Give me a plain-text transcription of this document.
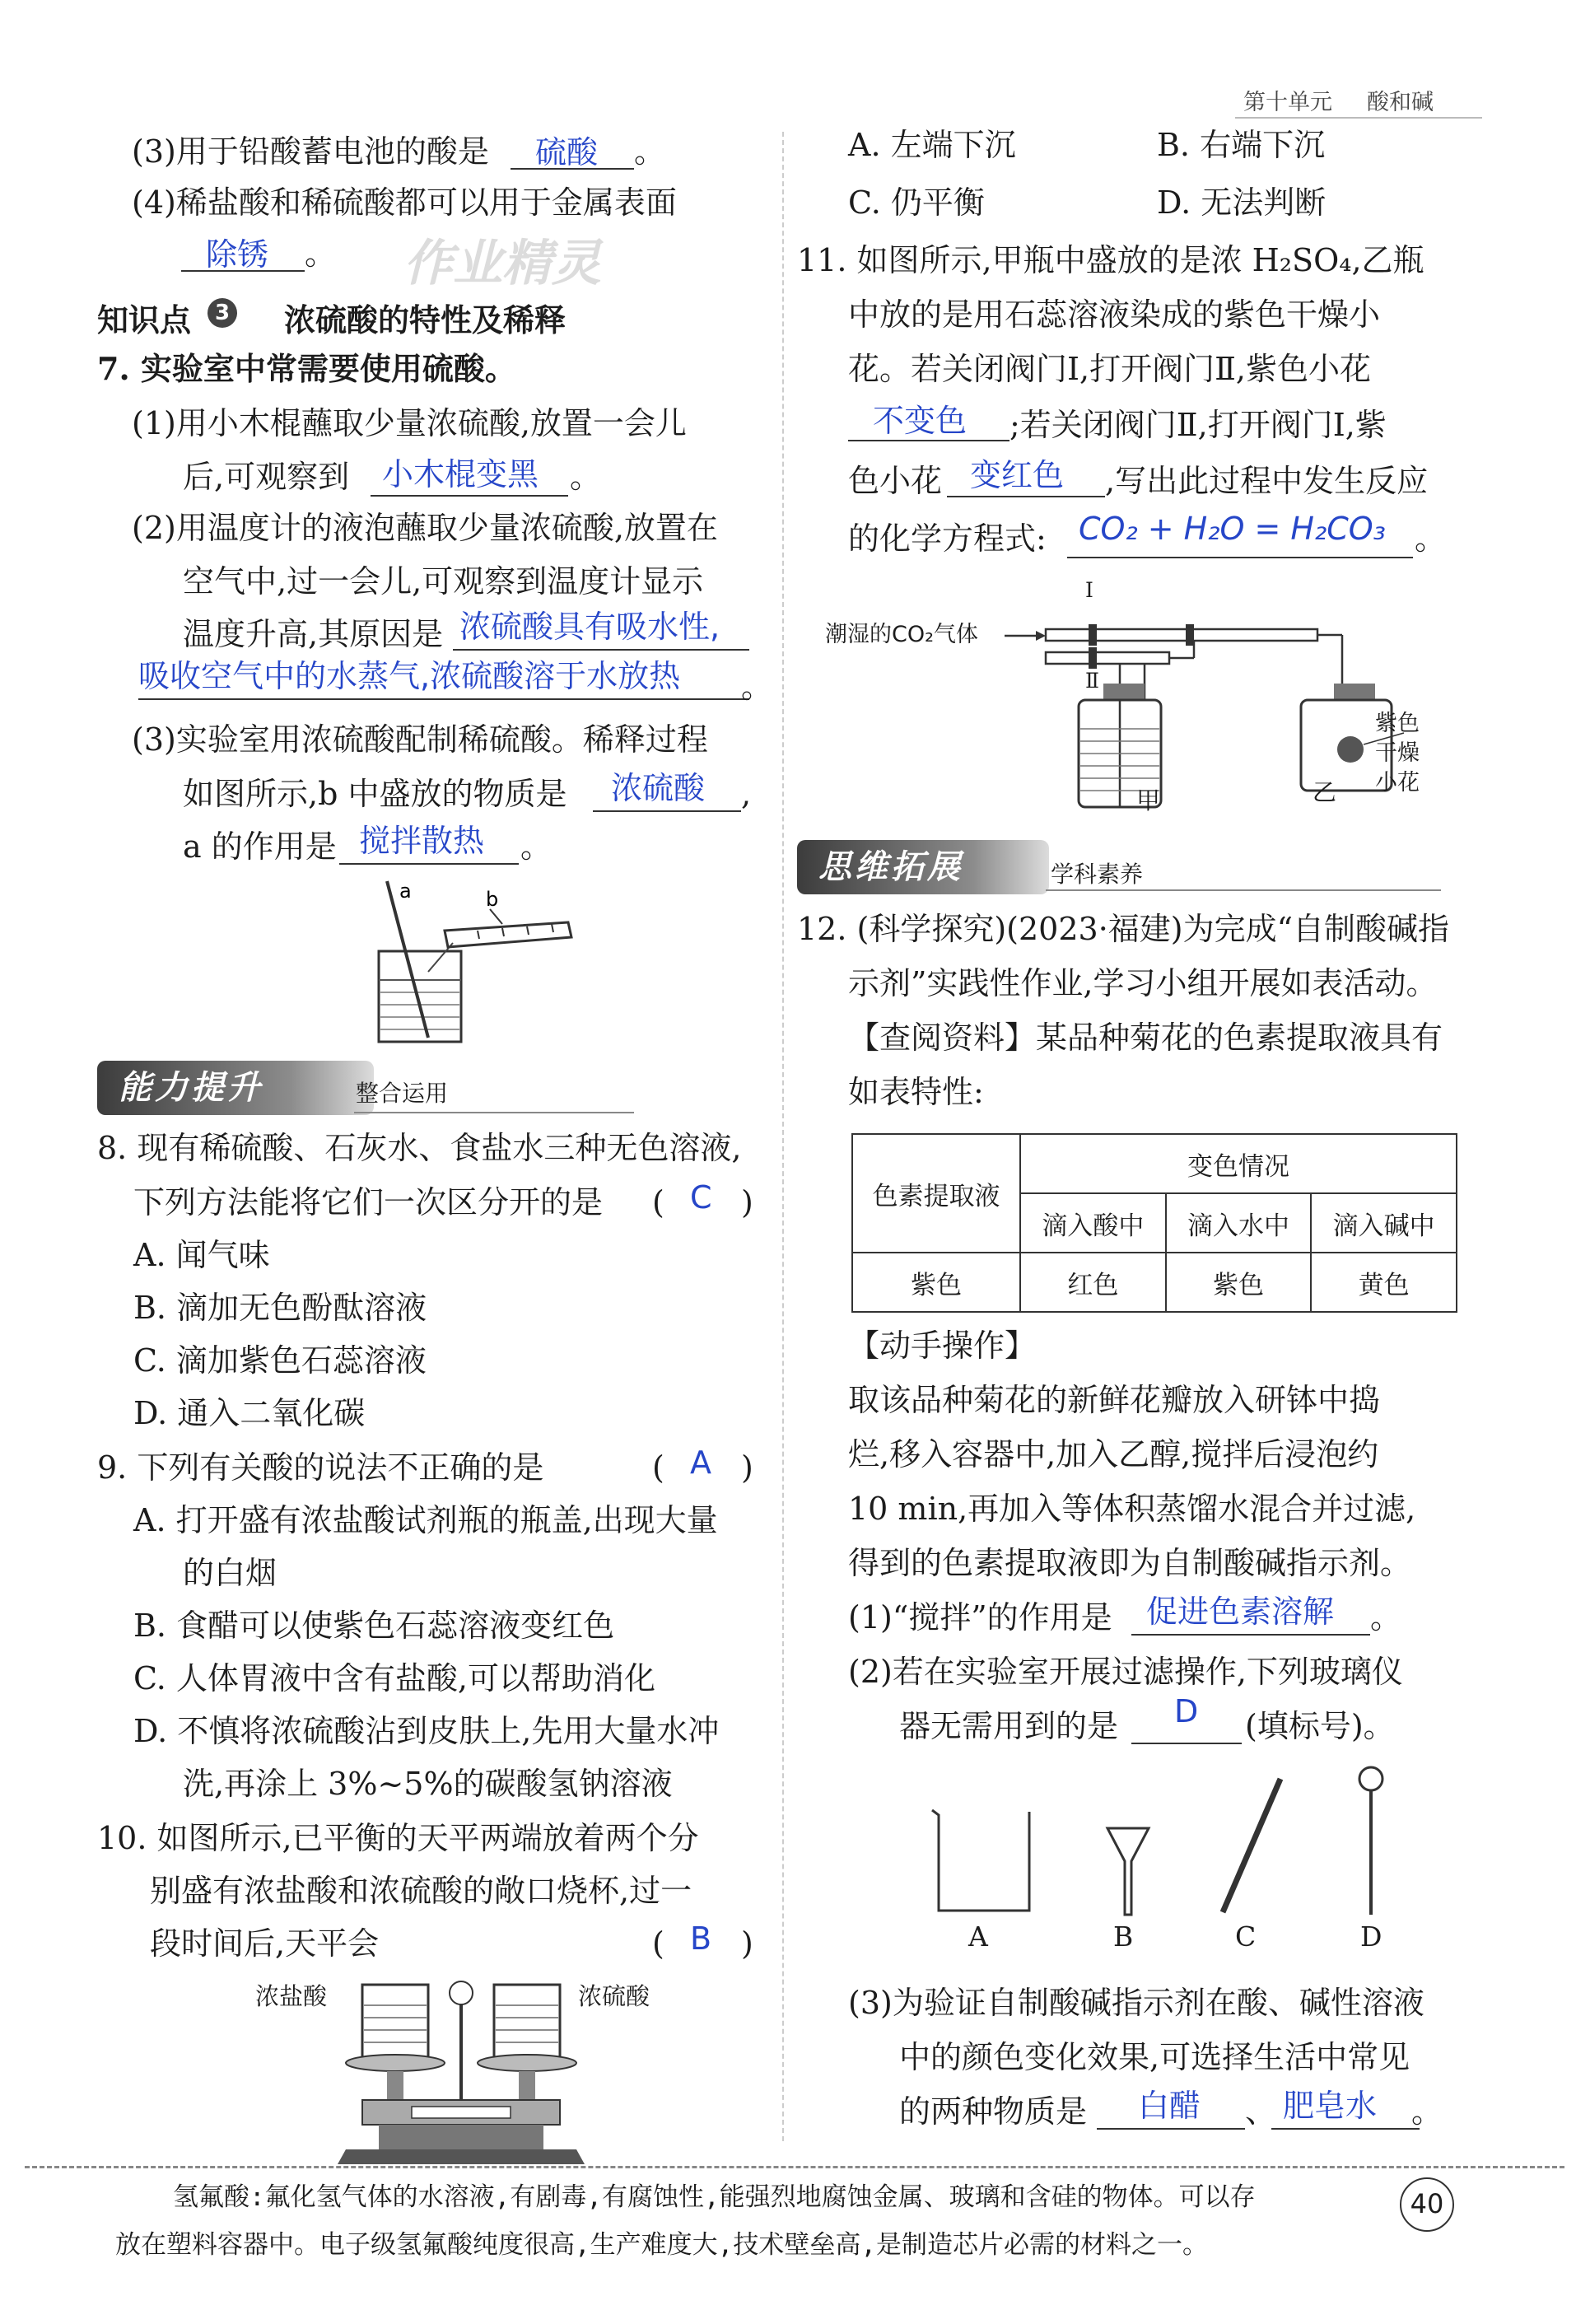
第十单元 酸和碱
(3)用于铅酸蓄电池的酸是 硫酸 。
(4)稀盐酸和稀硫酸都可以用于金属表面
除锈 。 作业精灵
知识点	3 浓硫酸的特性及稀释
7. 实验室中常需要使用硫酸。
(1)用小木棍蘸取少量浓硫酸,放置一会儿
后,可观察到 小木棍变黑 。
(2)用温度计的液泡蘸取少量浓硫酸,放置在
空气中,过一会儿,可观察到温度计显示
温度升高,其原因是 浓硫酸具有吸水性,
吸收空气中的水蒸气,浓硫酸溶于水放热 。
(3)实验室用浓硫酸配制稀硫酸。稀释过程
如图所示,b 中盛放的物质是 浓硫酸 ,
a 的作用是 搅拌散热 。
a	b
能力提升	整合运用
8. 现有稀硫酸、石灰水、食盐水三种无色溶液,
下列方法能将它们一次区分开的是 ( C )
A. 闻气味
B. 滴加无色酚酞溶液
C. 滴加紫色石蕊溶液
D. 通入二氧化碳
9. 下列有关酸的说法不正确的是	( A )
A. 打开盛有浓盐酸试剂瓶的瓶盖,出现大量
的白烟
B. 食醋可以使紫色石蕊溶液变红色
C. 人体胃液中含有盐酸,可以帮助消化
D. 不慎将浓硫酸沾到皮肤上,先用大量水冲
洗,再涂上 3%~5%的碳酸氢钠溶液
10. 如图所示,已平衡的天平两端放着两个分
别盛有浓盐酸和浓硫酸的敞口烧杯,过一
段时间后,天平会	( B )
浓盐酸	浓硫酸
A. 左端下沉	B. 右端下沉
C. 仍平衡	D. 无法判断
11. 如图所示,甲瓶中盛放的是浓 H₂SO₄,乙瓶
中放的是用石蕊溶液染成的紫色干燥小
花。若关闭阀门Ⅰ,打开阀门Ⅱ,紫色小花
不变色 ;若关闭阀门Ⅱ,打开阀门Ⅰ,紫
色小花 变红色 ,写出此过程中发生反应
的化学方程式: CO₂ + H₂O = H₂CO₃ 。
潮湿的CO₂气体
Ⅰ
Ⅱ
甲	乙
紫色
干燥
小花
思维拓展	学科素养
12. (科学探究)(2023·福建)为完成“自制酸碱指
示剂”实践性作业,学习小组开展如表活动。
【查阅资料】某品种菊花的色素提取液具有
如表特性:
色素提取液	变色情况		
	滴入酸中	滴入水中	滴入碱中
紫色	红色	紫色	黄色
【动手操作】
取该品种菊花的新鲜花瓣放入研钵中捣
烂,移入容器中,加入乙醇,搅拌后浸泡约
10 min,再加入等体积蒸馏水混合并过滤,
得到的色素提取液即为自制酸碱指示剂。
(1)“搅拌”的作用是 促进色素溶解 。
(2)若在实验室开展过滤操作,下列玻璃仪
器无需用到的是 D (填标号)。
A	B	C	D
(3)为验证自制酸碱指示剂在酸、碱性溶液
中的颜色变化效果,可选择生活中常见
的两种物质是 白醋 、 肥皂水 。
氢氟酸:氟化氢气体的水溶液,有剧毒,有腐蚀性,能强烈地腐蚀金属、玻璃和含硅的物体。可以存
放在塑料容器中。电子级氢氟酸纯度很高,生产难度大,技术壁垒高,是制造芯片必需的材料之一。
40
